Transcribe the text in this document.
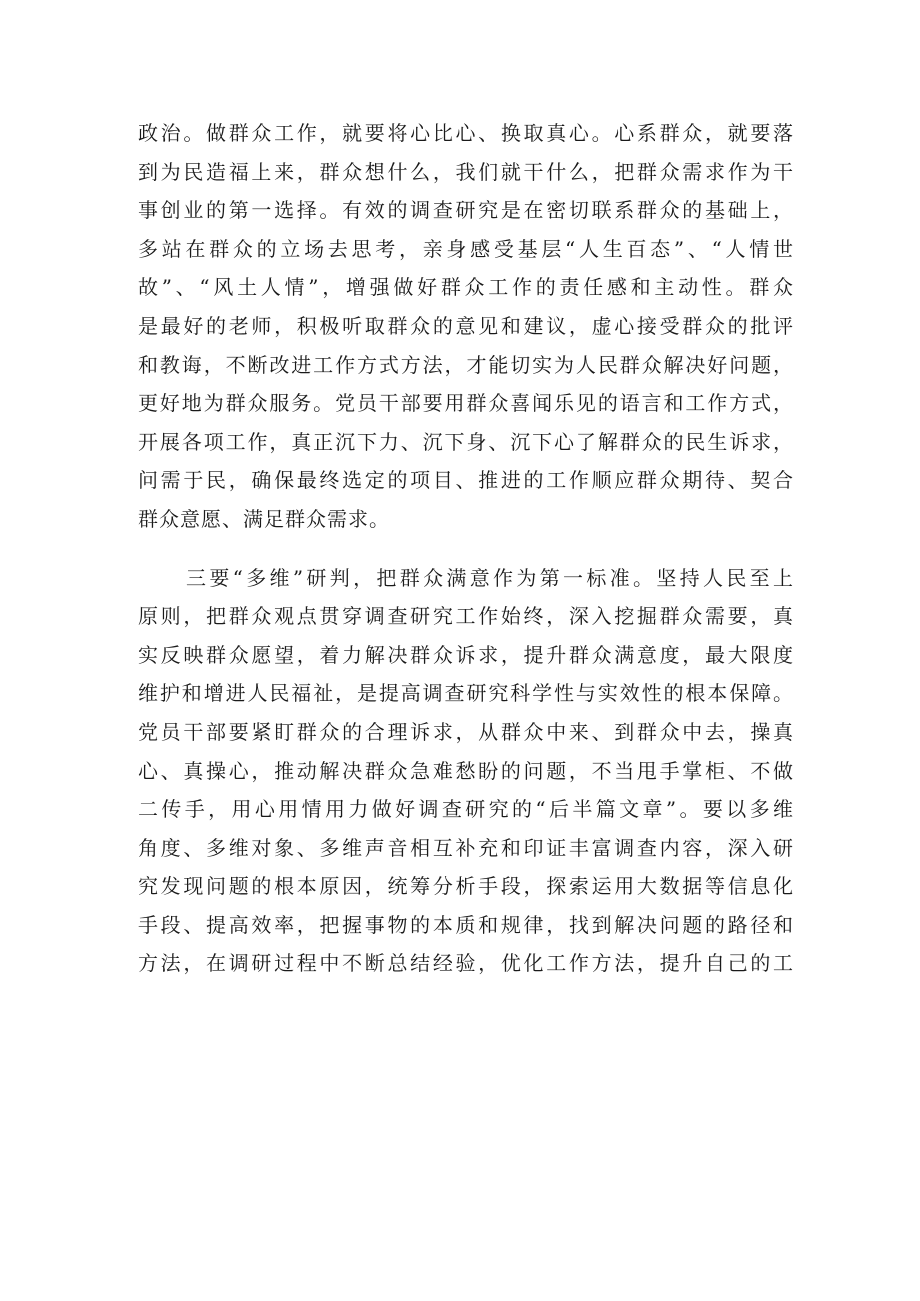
政治。做群众工作，就要将心比心、换取真心。心系群众，就要落
到为民造福上来，群众想什么，我们就干什么，把群众需求作为干
事创业的第一选择。有效的调查研究是在密切联系群众的基础上，
多站在群众的立场去思考，亲身感受基层“人生百态”、“人情世
故”、“风土人情”，增强做好群众工作的责任感和主动性。群众
是最好的老师，积极听取群众的意见和建议，虚心接受群众的批评
和教诲，不断改进工作方式方法，才能切实为人民群众解决好问题，
更好地为群众服务。党员干部要用群众喜闻乐见的语言和工作方式，
开展各项工作，真正沉下力、沉下身、沉下心了解群众的民生诉求，
问需于民，确保最终选定的项目、推进的工作顺应群众期待、契合
群众意愿、满足群众需求。
三要“多维”研判，把群众满意作为第一标准。坚持人民至上
原则，把群众观点贯穿调查研究工作始终，深入挖掘群众需要，真
实反映群众愿望，着力解决群众诉求，提升群众满意度，最大限度
维护和增进人民福祉，是提高调查研究科学性与实效性的根本保障。
党员干部要紧盯群众的合理诉求，从群众中来、到群众中去，操真
心、真操心，推动解决群众急难愁盼的问题，不当甩手掌柜、不做
二传手，用心用情用力做好调查研究的“后半篇文章”。要以多维
角度、多维对象、多维声音相互补充和印证丰富调查内容，深入研
究发现问题的根本原因，统筹分析手段，探索运用大数据等信息化
手段、提高效率，把握事物的本质和规律，找到解决问题的路径和
方法，在调研过程中不断总结经验，优化工作方法，提升自己的工
